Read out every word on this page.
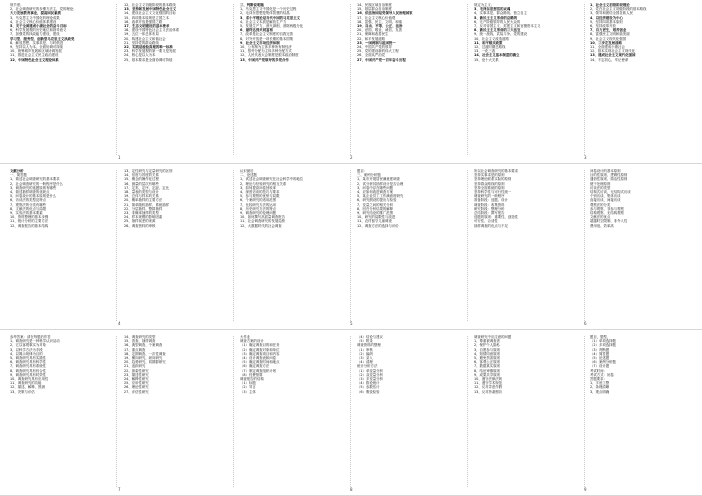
规节度；

2、社会调查研究的步骤方法主，党的理论；

大力发展教育事业，提高国民素质

3、马克思主义中国化的理论成果

4、社会主义核心价值体系建设

5、关于全面建成小康社会的奋斗目标

6、科学发展观的历史地位和指导意义

7、加强党的执政能力建设，建设

学习型、服务型、创新型马克思主义执政党

8、解放思想、实事求是、与时俱进

9、坚持以人为本、全面协调可持续

10、统筹城乡发展和区域协调发展

11、推进社会主义民主政治建设

12、中国特色社会主义理论体系

12、社会主义初级阶段的基本路线

13、坚持和发展中国特色社会主义

14、建设社会主义文化强国的目标

15、四项基本原则是立国之本

16、改革开放是强国之路

17、生态文明建设的基本要求

18、建设中国特色社会主义法治体系

19、五位一体总体布局

20、构建社会主义和谐社会

21、坚持党的群众路线

22、实践是检验真理的唯一标准

23、科学发展观的第一要义是发展

24、核心是以人为本

25、基本要求是全面协调可持续

三、判断说明题

1、马克思主义中国化是一个历史过程

2、毛泽东思想是集体智慧的结晶

3、邓小平理论是当代中国的马克思主义

4、社会主义本质是解放生产力

5、发展生产力，消灭剥削，消除两极分化

6、最终达到共同富裕

7、改革是社会主义制度的自我完善

8、对外开放是一项长期的基本国策

9、社会主义市场经济体制

10、公有制为主体多种所有制经济

11、按劳分配为主体多种分配方式

12、人民代表大会制度是根本政治制度

13、中国共产党领导的多党合作

14、民族区域自治制度

15、基层群众自治制度

16、依法治国是党领导人民治理国家

17、社会主义核心价值观

18、富强、民主、文明、和谐

19、自由、平等、公正、法治

20、爱国、敬业、诚信、友善

21、保障和改善民生

22、和平发展道路

23、一国两制与祖国统一

24、中国共产党的领导

25、党的建设新的伟大工程

26、全面从严治党

27、中国共产党一百年奋斗历程

规定为主义；

3、毛泽东思想活的灵魂

4、实事求是、群众路线、独立自主

5、新民主主义革命的总路线

6、无产阶级领导的人民大众的

7、反对帝国主义、封建主义和官僚资本主义

8、新民主主义革命的三大法宝

9、统一战线、武装斗争、党的建设

10、社会主义改造道路

11、和平赎买政策

12、过渡时期总路线

13、一化三改

14、社会主义基本制度的确立

15、论十大关系

1、社会主义初级阶段理论

2、党在社会主义初级阶段的基本路线

3、领导和团结全国各族人民

4、以经济建设为中心

5、坚持四项基本原则

6、坚持改革开放

7、自力更生，艰苦创业

8、富强民主文明和谐美丽

9、社会主义现代化强国

10、三步走发展战略

11、全面建成小康社会

12、基本实现社会主义现代化

13、建成社会主义现代化强国

14、不忘初心，牢记使命

1	2	3

文献分析

一、简答题

1、简述社会调查研究的基本要求

2、社会调查研究的一般程序是什么

3、调查研究的选题原则有哪些

4、简述抽样调查的优缺点

5、问卷设计的基本原则是什么

6、访谈法的类型及特点

7、观察法的分类有哪些

8、文献法的优点与局限

9、实验法的基本要素

10、资料整理的基本步骤

11、统计分析的主要方法

12、调查报告的基本结构

13、定性研究与定量研究的区别

14、信度与效度的关系

15、概念的操作化过程

16、测量的层次有哪些

17、定类、定序、定距、定比

18、量表的类型与设计

19、总体与样本的关系

20、概率抽样的主要方法

21、简单随机抽样、系统抽样

22、分层抽样、整群抽样

23、非概率抽样的类型

24、样本规模的影响因素

25、抽样误差的来源

26、调查资料的审核

认识最后

二、论述题

1、试述社会调查研究在社会科学中的地位

2、理论与经验研究的相互关系

3、如何提高问卷回收率

4、深度访谈的技巧与要求

5、参与观察的优势与局限

6、个案研究的适用范围

7、比较研究方法的运用

8、历史研究方法的特点

9、调查研究的伦理问题

10、如何撰写高质量调查报告

11、社会调查研究的发展趋势

12、大数据时代的社会调查

题目：

三、案例分析题

1、某市开展居民满意度调查

2、试分析其抽样设计是否合理

3、问卷中存在哪些问题

4、应如何改进调查方案

5、某企业员工工作满意度研究

6、研究假设的提出与检验

7、变量之间的相关分析

8、回归分析结果的解释

9、研究结论的推广范围

10、研究的局限性与改进

11、农村留守儿童调查

12、调查方法的选择与评价

所以社会调查研究的基本要求

坚持实事求是的原则

坚持理论联系实际的原则

坚持群众路线的原则

坚持全面系统的原则

坚持科学性与可行性统一

调查研究的一般程序

准备阶段：选题、设计

调查阶段：收集资料

研究阶段：整理分析

总结阶段：撰写报告

选题的原则：重要性、创造性

可行性、合适性

抽样调查的优点与不足

问卷设计的基本原则

目的性原则、逻辑性原则

通俗性原则、简洁性原则

便于处理原则

访谈法的类型

结构式访谈、无结构式访谈

个别访谈、集体访谈

直接访谈、间接访谈

观察法的分类

参与观察、非参与观察

结构观察、无结构观察

文献法的优点

超越时空限制、非介入性

费用低、效率高

4	5	6

参考答案：请在每题后作答

1、调查研究是一种科学认识活动

2、它以客观事实为对象

3、以科学方法为手段

4、以揭示规律为目的

5、调查研究具有实践性

6、调查研究具有科学性

7、调查研究具有系统性

8、调查研究具有综合性

9、调查研究具有时效性

10、调查研究具有应用性

11、调查研究的功能

12、描述、解释、预测

13、决策与评估

14、调查研究的类型

15、普查、抽样调查

16、典型调查、个案调查

17、重点调查

18、定期调查、一次性调查

19、横向研究、纵向研究

20、趋势研究、同期群研究

21、追踪研究

22、探索性研究

23、描述性研究

24、解释性研究

25、应用性研究

26、理论性研究

27、评估性研究

大作业

调查方案的设计

（1）确定调查目的和任务

（2）确定调查对象和单位

（3）确定调查项目和内容

（4）设计调查表和问卷

（5）确定调查时间和地点

（6）确定调查方法

（7）制定调查组织计划

（8）经费预算

调查报告的结构

（1）标题

（2）导言

（3）主体

（4）结论与建议

（5）附录

调查资料的整理

（1）审核

（2）编码

（3）录入

（4）清理

统计分析方法

（1）单变量分析

（2）双变量分析

（3）多变量分析

（4）推论统计

（5）参数估计

（6）假设检验

调查研究中应注意的问题

1、尊重被调查者

2、保护个人隐私

3、自愿参与原则

4、知情同意原则

5、避免伤害原则

6、客观公正原则

7、数据真实原则

8、结论审慎原则

9、成果共享原则

10、遵守法律法规

11、遵守学术规范

12、反对弄虚作假

13、反对抄袭剽窃

题目，题型，

（1）单项选择题

（2）多项选择题

（3）判断题

（4）简答题

（5）论述题

（6）案例分析题

（7）设计题

考试时间：

考试方式：闭卷

答题要求：

1、字迹工整

2、条理清晰

3、观点明确

7	8	9
